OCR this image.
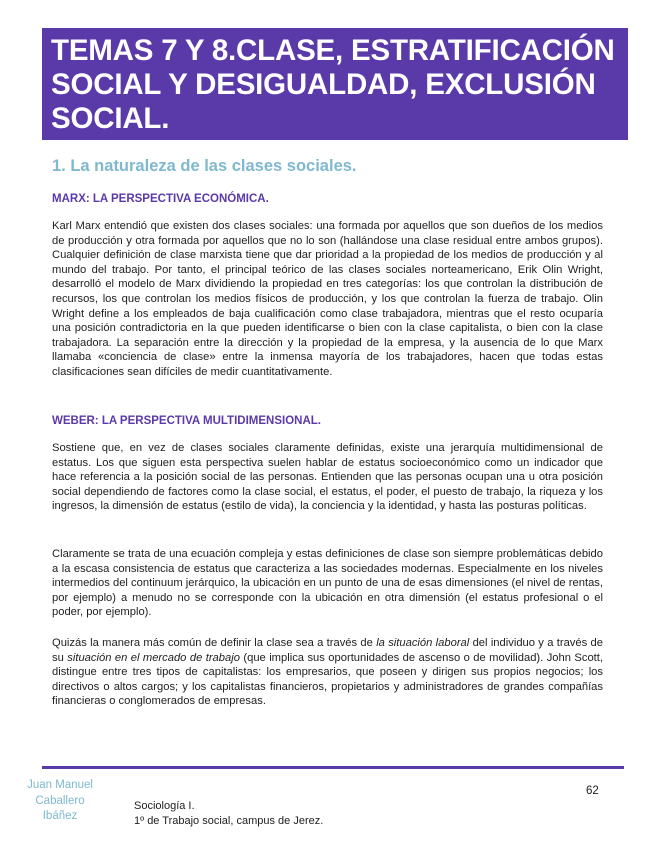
TEMAS 7 Y 8.CLASE, ESTRATIFICACIÓN SOCIAL Y DESIGUALDAD, EXCLUSIÓN SOCIAL.
1. La naturaleza de las clases sociales.
MARX: LA PERSPECTIVA ECONÓMICA.

Karl Marx entendió que existen dos clases sociales: una formada por aquellos que son dueños de los medios de producción y otra formada por aquellos que no lo son (hallándose una clase residual entre ambos grupos). Cualquier definición de clase marxista tiene que dar prioridad a la propiedad de los medios de producción y al mundo del trabajo. Por tanto, el principal teórico de las clases sociales norteamericano, Erik Olin Wright, desarrolló el modelo de Marx dividiendo la propiedad en tres categorías: los que controlan la distribución de recursos, los que controlan los medios físicos de producción, y los que controlan la fuerza de trabajo. Olin Wright define a los empleados de baja cualificación como clase trabajadora, mientras que el resto ocuparía una posición contradictoria en la que pueden identificarse o bien con la clase capitalista, o bien con la clase trabajadora. La separación entre la dirección y la propiedad de la empresa, y la ausencia de lo que Marx llamaba «conciencia de clase» entre la inmensa mayoría de los trabajadores, hacen que todas estas clasificaciones sean difíciles de medir cuantitativamente.

WEBER: LA PERSPECTIVA MULTIDIMENSIONAL.

Sostiene que, en vez de clases sociales claramente definidas, existe una jerarquía multidimensional de estatus. Los que siguen esta perspectiva suelen hablar de estatus socioeconómico como un indicador que hace referencia a la posición social de las personas. Entienden que las personas ocupan una u otra posición social dependiendo de factores como la clase social, el estatus, el poder, el puesto de trabajo, la riqueza y los ingresos, la dimensión de estatus (estilo de vida), la conciencia y la identidad, y hasta las posturas políticas.

Claramente se trata de una ecuación compleja y estas definiciones de clase son siempre problemáticas debido a la escasa consistencia de estatus que caracteriza a las sociedades modernas. Especialmente en los niveles intermedios del continuum jerárquico, la ubicación en un punto de una de esas dimensiones (el nivel de rentas, por ejemplo) a menudo no se corresponde con la ubicación en otra dimensión (el estatus profesional o el poder, por ejemplo).

Quizás la manera más común de definir la clase sea a través de la situación laboral del individuo y a través de su situación en el mercado de trabajo (que implica sus oportunidades de ascenso o de movilidad). John Scott, distingue entre tres tipos de capitalistas: los empresarios, que poseen y dirigen sus propios negocios; los directivos o altos cargos; y los capitalistas financieros, propietarios y administradores de grandes compañías financieras o conglomerados de empresas.

Juan Manuel
Caballero
Ibáñez

62

Sociología I.
1º de Trabajo social, campus de Jerez.
